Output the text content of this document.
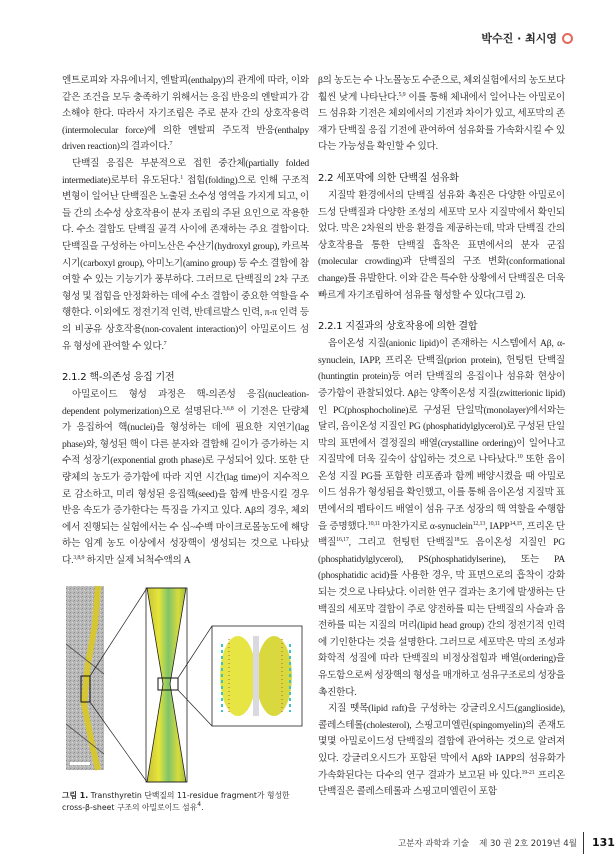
박수진 · 최시영

엔트로피와 자유에너지, 엔탈피(enthalpy)의 관계에 따라, 이와 같은 조건을 모두 충족하기 위해서는 응집 반응의 엔탈피가 감소해야 한다. 따라서 자기조립은 주로 분자 간의 상호작용력(intermolecular force)에 의한 엔탈피 주도적 반응(enthalpy driven reaction)의 결과이다.$^7$

단백질 응집은 부분적으로 접힌 중간체(partially folded intermediate)로부터 유도된다.$^1$ 접힘(folding)으로 인해 구조적 변형이 일어난 단백질은 노출된 소수성 영역을 가지게 되고, 이들 간의 소수성 상호작용이 분자 조립의 주된 요인으로 작용한다. 수소 결합도 단백질 골격 사이에 존재하는 주요 결합이다. 단백질을 구성하는 아미노산은 수산기(hydroxyl group), 카르복시기(carboxyl group), 아미노기(amino group) 등 수소 결합에 참여할 수 있는 기능기가 풍부하다. 그러므로 단백질의 2차 구조 형성 및 접힘을 안정화하는 데에 수소 결합이 중요한 역할을 수행한다. 이외에도 정전기적 인력, 반데르발스 인력, π-π 인력 등의 비공유 상호작용(non-covalent interaction)이 아밀로이드 섬유 형성에 관여할 수 있다.$^7$

2.1.2 핵-의존성 응집 기전

아밀로이드 형성 과정은 핵-의존성 응집(nucleation-dependent polymerization)으로 설명된다.$^{3,6,8}$ 이 기전은 단량체가 응집하여 핵(nuclei)을 형성하는 데에 필요한 지연기(lag phase)와, 형성된 핵이 다른 분자와 결합해 길이가 증가하는 지수적 성장기(exponential groth phase)로 구성되어 있다. 또한 단량체의 농도가 증가함에 따라 지연 시간(lag time)이 지수적으로 감소하고, 미리 형성된 응집핵(seed)을 함께 반응시킬 경우 반응 속도가 증가한다는 특징을 가지고 있다. Aβ의 경우, 체외에서 진행되는 실험에서는 수 십~수백 마이크로몰농도에 해당하는 임계 농도 이상에서 성장핵이 생성되는 것으로 나타났다.$^{3,8,9}$ 하지만 실제 뇌척수액의 A

그림 1. Transthyretin 단백질의 11-residue fragment가 형성한 cross-β-sheet 구조의 아밀로이드 섬유$^4$.

β의 농도는 수 나노몰농도 수준으로, 체외실험에서의 농도보다 훨씬 낮게 나타난다.$^{5,9}$ 이를 통해 체내에서 일어나는 아밀로이드 섬유화 기전은 체외에서의 기전과 차이가 있고, 세포막의 존재가 단백질 응집 기전에 관여하여 섬유화를 가속화시킬 수 있다는 가능성을 확인할 수 있다.

2.2 세포막에 의한 단백질 섬유화

지질막 환경에서의 단백질 섬유화 촉진은 다양한 아밀로이드성 단백질과 다양한 조성의 세포막 모사 지질막에서 확인되었다. 막은 2차원의 반응 환경을 제공하는데, 막과 단백질 간의 상호작용을 통한 단백질 흡착은 표면에서의 분자 군집(molecular crowding)과 단백질의 구조 변화(conformational change)를 유발한다. 이와 같은 특수한 상황에서 단백질은 더욱 빠르게 자기조립하여 섬유를 형성할 수 있다(그림 2).

2.2.1 지질과의 상호작용에 의한 결합

음이온성 지질(anionic lipid)이 존재하는 시스템에서 Aβ, α-synuclein, IAPP, 프리온 단백질(prion protein), 헌팅틴 단백질(huntingtin protein)등 여러 단백질의 응집이나 섬유화 현상이 증가함이 관찰되었다. Aβ는 양쪽이온성 지질(zwitterionic lipid)인 PC(phosphocholine)로 구성된 단일막(monolayer)에서와는 달리, 음이온성 지질인 PG (phosphatidylglycerol)로 구성된 단일막의 표면에서 결정질의 배열(crystalline ordering)이 일어나고 지질막에 더욱 깊숙이 삽입하는 것으로 나타났다.$^{10}$ 또한 음이온성 지질 PG를 포함한 리포좀과 함께 배양시켰을 때 아밀로이드 섬유가 형성됨을 확인했고, 이를 통해 음이온성 지질막 표면에서의 펩타이드 배열이 섬유 구조 성장의 핵 역할을 수행함을 증명했다.$^{10,11}$ 마찬가지로 α-synuclein$^{12,13}$, IAPP$^{14,15}$, 프리온 단백질$^{16,17}$, 그리고 헌팅턴 단백질$^{18}$도 음이온성 지질인 PG (phosphatidylglycerol), PS(phosphatidylserine), 또는 PA (phosphatidic acid)를 사용한 경우, 막 표면으로의 흡착이 강화되는 것으로 나타났다. 이러한 연구 결과는 초기에 발생하는 단백질의 세포막 결합이 주로 양전하를 띠는 단백질의 사슬과 음전하를 띠는 지질의 머리(lipid head group) 간의 정전기적 인력에 기인한다는 것을 설명한다. 그러므로 세포막은 막의 조성과 화학적 성질에 따라 단백질의 비정상접힘과 배열(ordering)을 유도함으로써 성장핵의 형성을 매개하고 섬유구조로의 성장을 촉진한다.

지질 뗏목(lipid raft)을 구성하는 강글리오시드(ganglioside), 콜레스테롤(cholesterol), 스핑고미엘린(spingomyelin)의 존재도 몇몇 아밀로이드성 단백질의 결합에 관여하는 것으로 알려져 있다. 강글리오시드가 포함된 막에서 Aβ와 IAPP의 섬유화가 가속화된다는 다수의 연구 결과가 보고된 바 있다.$^{19-21}$ 프리온 단백질은 콜레스테롤과 스핑고미엘린이 포함

고분자 과학과 기술 제 30 권 2호 2019년 4월 131
